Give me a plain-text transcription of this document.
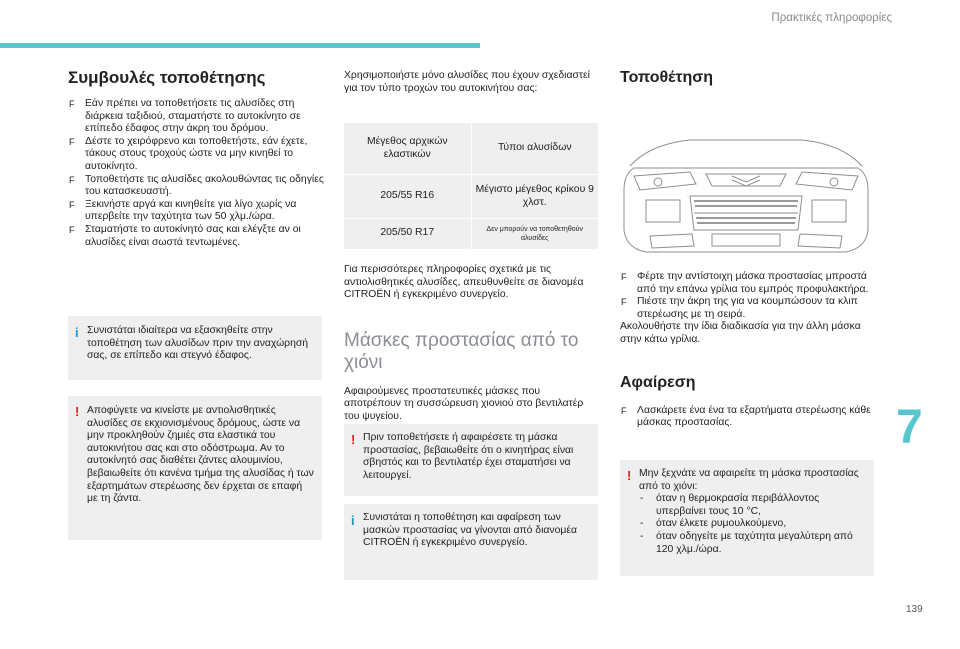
Πρακτικές πληροφορίες
Συμβουλές τοποθέτησης
F Εάν πρέπει να τοποθετήσετε τις αλυσίδες στη διάρκεια ταξιδιού, σταματήστε το αυτοκίνητο σε επίπεδο έδαφος στην άκρη του δρόμου.
F Δέστε το χειρόφρενο και τοποθετήστε, εάν έχετε, τάκους στους τροχούς ώστε να μην κινηθεί το αυτοκίνητο.
F Τοποθετήστε τις αλυσίδες ακολουθώντας τις οδηγίες του κατασκευαστή.
F Ξεκινήστε αργά και κινηθείτε για λίγο χωρίς να υπερβείτε την ταχύτητα των 50 χλμ./ώρα.
F Σταματήστε το αυτοκίνητό σας και ελέγξτε αν οι αλυσίδες είναι σωστά τεντωμένες.
i Συνιστάται ιδιαίτερα να εξασκηθείτε στην τοποθέτηση των αλυσίδων πριν την αναχώρησή σας, σε επίπεδο και στεγνό έδαφος.

! Αποφύγετε να κινείστε με αντιολισθητικές αλυσίδες σε εκχιονισμένους δρόμους, ώστε να μην προκληθούν ζημιές στα ελαστικά του αυτοκινήτου σας και στο οδόστρωμα. Αν το αυτοκίνητό σας διαθέτει ζάντες αλουμινίου, βεβαιωθείτε ότι κανένα τμήμα της αλυσίδας ή των εξαρτημάτων στερέωσης δεν έρχεται σε επαφή με τη ζάντα.

Χρησιμοποιήστε μόνο αλυσίδες που έχουν σχεδιαστεί για τον τύπο τροχών του αυτοκινήτου σας:

Μέγεθος αρχικών ελαστικών	Τύποι αλυσίδων
205/55 R16	Μέγιστο μέγεθος κρίκου 9 χλστ.
205/50 R17	Δεν μπορούν να τοποθετηθούν αλυσίδες

Για περισσότερες πληροφορίες σχετικά με τις αντιολισθητικές αλυσίδες, απευθυνθείτε σε διανομέα CITROËN ή εγκεκριμένο συνεργείο.

Μάσκες προστασίας από το χιόνι

Αφαιρούμενες προστατευτικές μάσκες που αποτρέπουν τη συσσώρευση χιονιού στο βεντιλατέρ του ψυγείου.

! Πριν τοποθετήσετε ή αφαιρέσετε τη μάσκα προστασίας, βεβαιωθείτε ότι ο κινητήρας είναι σβηστός και το βεντιλατέρ έχει σταματήσει να λειτουργεί.

i Συνιστάται η τοποθέτηση και αφαίρεση των μασκών προστασίας να γίνονται από διανομέα CITROËN ή εγκεκριμένο συνεργείο.

Τοποθέτηση
F Φέρτε την αντίστοιχη μάσκα προστασίας μπροστά από την επάνω γρίλια του εμπρός προφυλακτήρα.
F Πιέστε την άκρη της για να κουμπώσουν τα κλιπ στερέωσης με τη σειρά.

Ακολουθήστε την ίδια διαδικασία για την άλλη μάσκα στην κάτω γρίλια.

Αφαίρεση
F Λασκάρετε ένα ένα τα εξαρτήματα στερέωσης κάθε μάσκας προστασίας.
! Μην ξεχνάτε να αφαιρείτε τη μάσκα προστασίας από το χιόνι:

- όταν η θερμοκρασία περιβάλλοντος υπερβαίνει τους 10 °C,
- όταν έλκετε ρυμουλκούμενο,
- όταν οδηγείτε με ταχύτητα μεγαλύτερη από 120 χλμ./ώρα.
7
139
